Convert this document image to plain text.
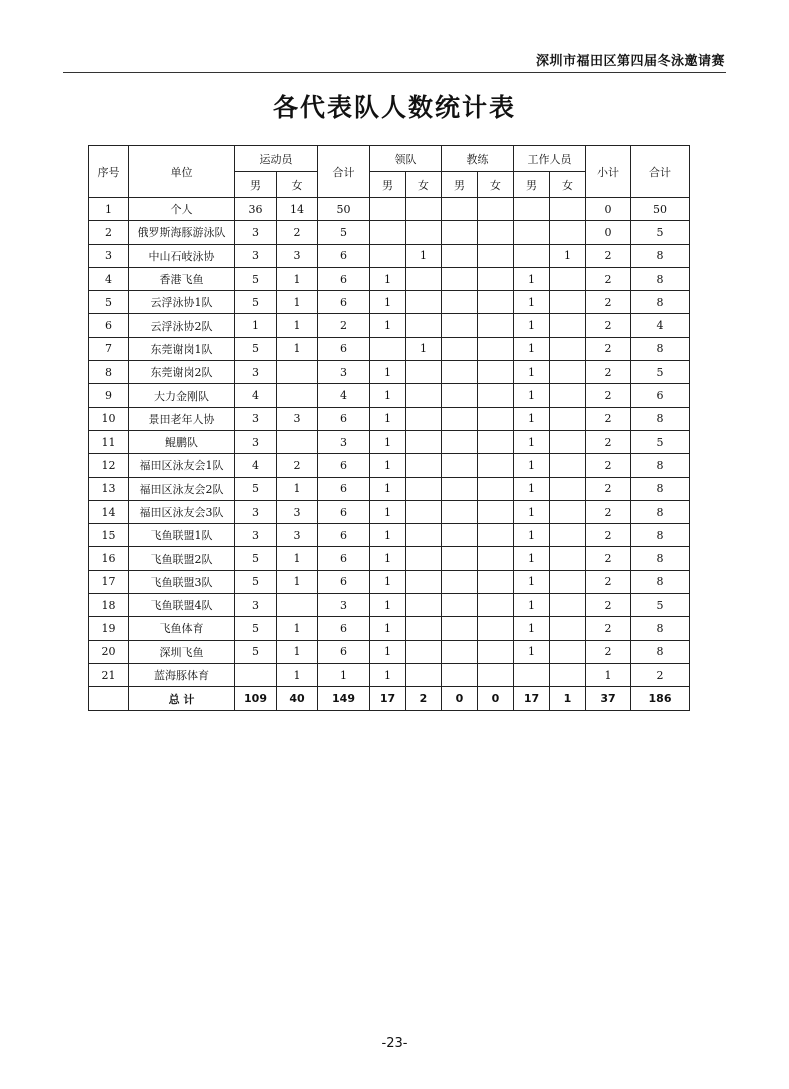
深圳市福田区第四届冬泳邀请赛
各代表队人数统计表
序号	单位	运动员		合计	领队		教练		工作人员		小计	合计
		男	女		男	女	男	女	男	女		
1	个人	36	14	50							0	50
2	俄罗斯海豚游泳队	3	2	5							0	5
3	中山石岐泳协	3	3	6		1				1	2	8
4	香港飞鱼	5	1	6	1				1		2	8
5	云浮泳协1队	5	1	6	1				1		2	8
6	云浮泳协2队	1	1	2	1				1		2	4
7	东莞谢岗1队	5	1	6		1			1		2	8
8	东莞谢岗2队	3		3	1				1		2	5
9	大力金刚队	4		4	1				1		2	6
10	景田老年人协	3	3	6	1				1		2	8
11	鲲鹏队	3		3	1				1		2	5
12	福田区泳友会1队	4	2	6	1				1		2	8
13	福田区泳友会2队	5	1	6	1				1		2	8
14	福田区泳友会3队	3	3	6	1				1		2	8
15	飞鱼联盟1队	3	3	6	1				1		2	8
16	飞鱼联盟2队	5	1	6	1				1		2	8
17	飞鱼联盟3队	5	1	6	1				1		2	8
18	飞鱼联盟4队	3		3	1				1		2	5
19	飞鱼体育	5	1	6	1				1		2	8
20	深圳飞鱼	5	1	6	1				1		2	8
21	蓝海豚体育		1	1	1						1	2
	总 计	109	40	149	17	2	0	0	17	1	37	186
-23-
